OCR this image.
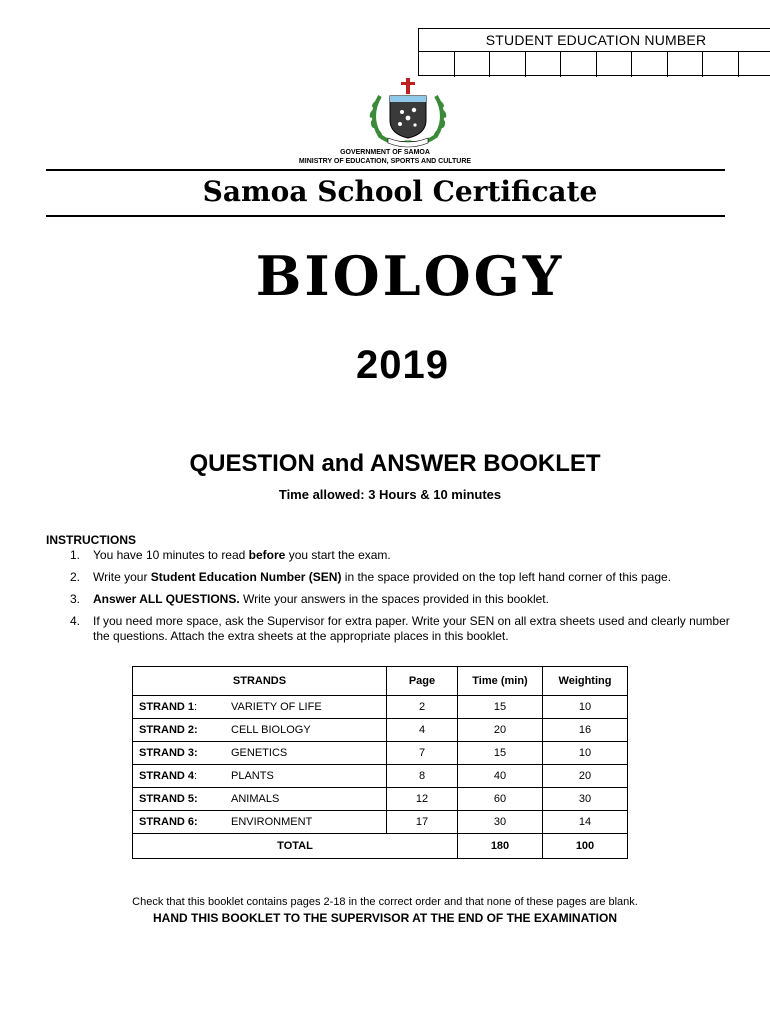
STUDENT EDUCATION NUMBER
GOVERNMENT OF SAMOA
MINISTRY OF EDUCATION, SPORTS AND CULTURE
Samoa School Certificate
BIOLOGY
2019
QUESTION and ANSWER BOOKLET
Time allowed: 3 Hours & 10 minutes
INSTRUCTIONS
1. You have 10 minutes to read before you start the exam.
2. Write your Student Education Number (SEN) in the space provided on the top left hand corner of this page.
3. Answer ALL QUESTIONS. Write your answers in the spaces provided in this booklet.
4. If you need more space, ask the Supervisor for extra paper. Write your SEN on all extra sheets used and clearly number the questions. Attach the extra sheets at the appropriate places in this booklet.
STRANDS		Page	Time (min)	Weighting
STRAND 1:	VARIETY OF LIFE	2	15	10
STRAND 2:	CELL BIOLOGY	4	20	16
STRAND 3:	GENETICS	7	15	10
STRAND 4:	PLANTS	8	40	20
STRAND 5:	ANIMALS	12	60	30
STRAND 6:	ENVIRONMENT	17	30	14
TOTAL			180	100
Check that this booklet contains pages 2-18 in the correct order and that none of these pages are blank.
HAND THIS BOOKLET TO THE SUPERVISOR AT THE END OF THE EXAMINATION
